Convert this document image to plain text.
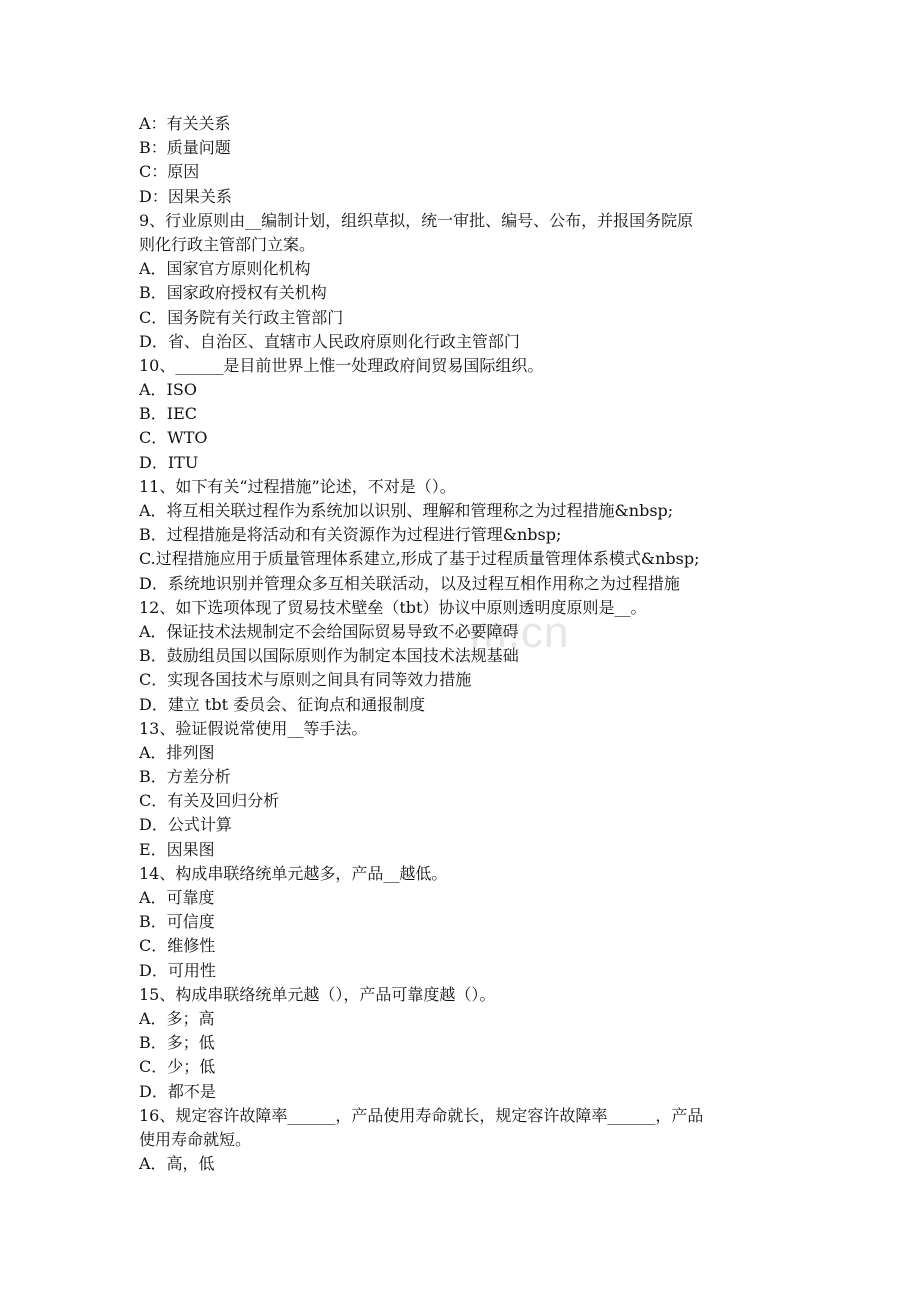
m.cn
A：有关关系
B：质量问题
C：原因
D：因果关系
9、行业原则由__编制计划，组织草拟，统一审批、编号、公布，并报国务院原
则化行政主管部门立案。
A．国家官方原则化机构
B．国家政府授权有关机构
C．国务院有关行政主管部门
D．省、自治区、直辖市人民政府原则化行政主管部门
10、______是目前世界上惟一处理政府间贸易国际组织。
A．ISO
B．IEC
C．WTO
D．ITU
11、如下有关“过程措施”论述，不对是（）。
A．将互相关联过程作为系统加以识别、理解和管理称之为过程措施&nbsp;
B．过程措施是将活动和有关资源作为过程进行管理&nbsp;
C.过程措施应用于质量管理体系建立,形成了基于过程质量管理体系模式&nbsp;
D．系统地识别并管理众多互相关联活动，以及过程互相作用称之为过程措施
12、如下选项体现了贸易技术壁垒（tbt）协议中原则透明度原则是__。
A．保证技术法规制定不会给国际贸易导致不必要障碍
B．鼓励组员国以国际原则作为制定本国技术法规基础
C．实现各国技术与原则之间具有同等效力措施
D．建立 tbt 委员会、征询点和通报制度
13、验证假说常使用__等手法。
A．排列图
B．方差分析
C．有关及回归分析
D．公式计算
E．因果图
14、构成串联络统单元越多，产品__越低。
A．可靠度
B．可信度
C．维修性
D．可用性
15、构成串联络统单元越（），产品可靠度越（）。
A．多；高
B．多；低
C．少；低
D．都不是
16、规定容许故障率______，产品使用寿命就长，规定容许故障率______，产品
使用寿命就短。
A．高，低
